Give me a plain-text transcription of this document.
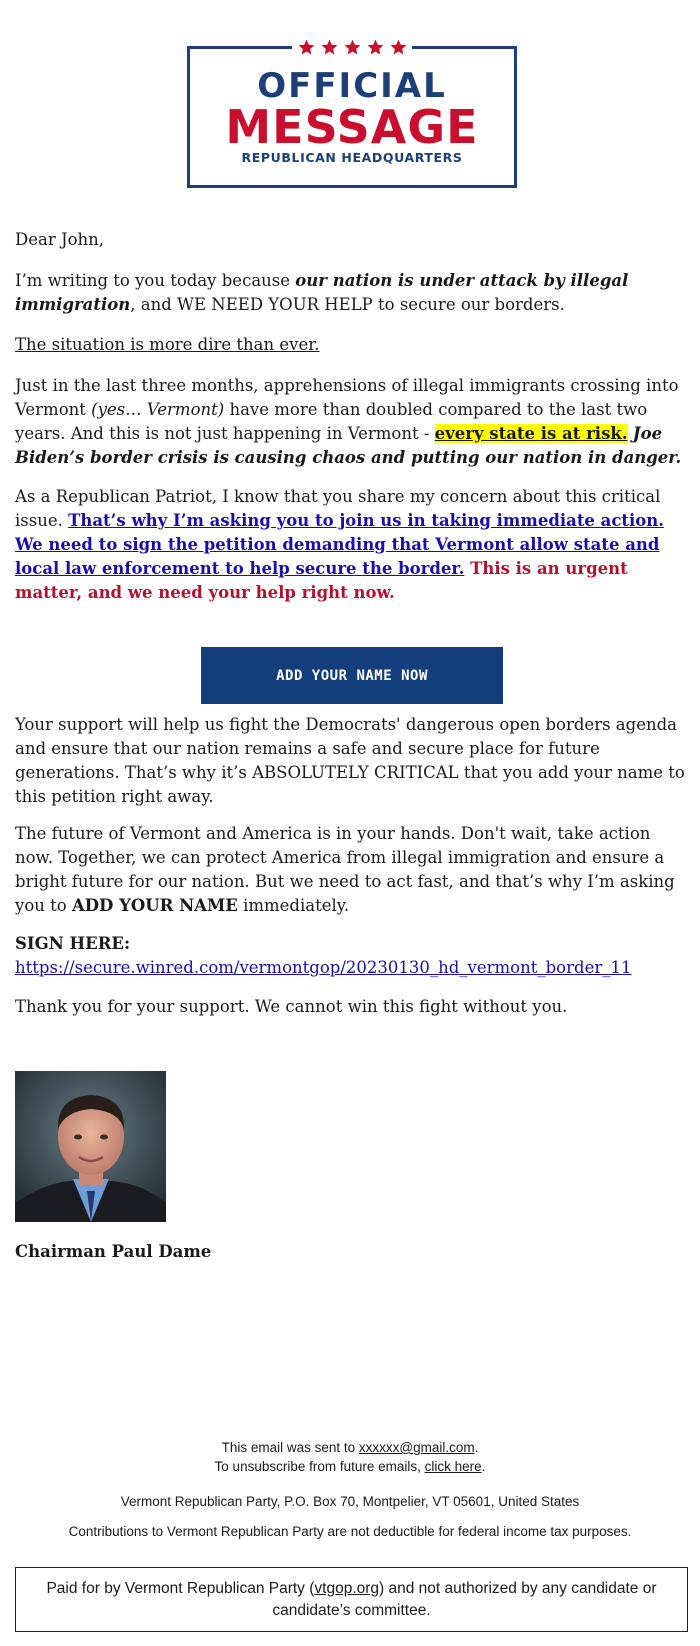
OFFICIAL
MESSAGE
REPUBLICAN HEADQUARTERS

Dear John,

I’m writing to you today because our nation is under attack by illegal immigration, and WE NEED YOUR HELP to secure our borders.

The situation is more dire than ever.

Just in the last three months, apprehensions of illegal immigrants crossing into Vermont (yes… Vermont) have more than doubled compared to the last two years. And this is not just happening in Vermont - every state is at risk. Joe Biden’s border crisis is causing chaos and putting our nation in danger.

As a Republican Patriot, I know that you share my concern about this critical issue. That’s why I’m asking you to join us in taking immediate action. We need to sign the petition demanding that Vermont allow state and local law enforcement to help secure the border. This is an urgent matter, and we need your help right now.

ADD YOUR NAME NOW

Your support will help us fight the Democrats' dangerous open borders agenda and ensure that our nation remains a safe and secure place for future generations. That’s why it’s ABSOLUTELY CRITICAL that you add your name to this petition right away.

The future of Vermont and America is in your hands. Don't wait, take action now. Together, we can protect America from illegal immigration and ensure a bright future for our nation. But we need to act fast, and that’s why I’m asking you to ADD YOUR NAME immediately.

SIGN HERE:
https://secure.winred.com/vermontgop/20230130_hd_vermont_border_11

Thank you for your support. We cannot win this fight without you.

Chairman Paul Dame

This email was sent to xxxxxx@gmail.com.
To unsubscribe from future emails, click here.
Vermont Republican Party, P.O. Box 70, Montpelier, VT 05601, United States
Contributions to Vermont Republican Party are not deductible for federal income tax purposes.
Paid for by Vermont Republican Party (vtgop.org) and not authorized by any candidate or candidate’s committee.
